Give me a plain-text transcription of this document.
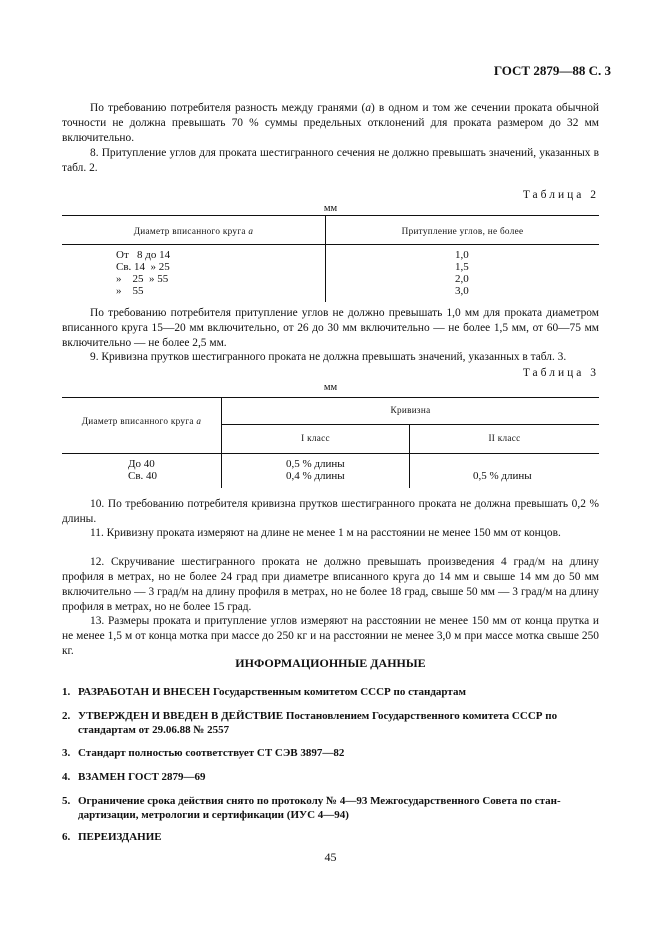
ГОСТ 2879—88 С. 3
По требованию потребителя разность между гранями (а) в одном и том же сечении проката обычной точности не должна превышать 70 % суммы предельных отклонений для проката размером до 32 мм включительно.
8. Притупление углов для проката шестигранного сечения не должно превышать значений, указанных в табл. 2.
Таблица 2
мм
Диаметр вписанного круга а	Притупление углов, не более
От   8 до 14	1,0
Св. 14  » 25	1,5
»    25  » 55	2,0
»    55	3,0
По требованию потребителя притупление углов не должно превышать 1,0 мм для проката диаметром вписанного круга 15—20 мм включительно, от 26 до 30 мм включительно — не более 1,5 мм, от 60—75 мм включительно — не более 2,5 мм.
9. Кривизна прутков шестигранного проката не должна превышать значений, указанных в табл. 3.
Таблица 3
мм
Диаметр вписанного круга а
Кривизна
I класс	II класс
До 40	0,5 % длины
Св. 40	0,4 % длины	0,5 % длины
10. По требованию потребителя кривизна прутков шестигранного проката не должна превышать 0,2 % длины.
11. Кривизну проката измеряют на длине не менее 1 м на расстоянии не менее 150 мм от концов.
12. Скручивание шестигранного проката не должно превышать произведения 4 град/м на длину профиля в метрах, но не более 24 град при диаметре вписанного круга до 14 мм и свыше 14 мм до 50 мм включительно — 3 град/м на длину профиля в метрах, но не более 18 град, свыше 50 мм — 3 град/м на длину профиля в метрах, но не более 15 град.
13. Размеры проката и притупление углов измеряют на расстоянии не менее 150 мм от конца прутка и не менее 1,5 м от конца мотка при массе до 250 кг и на расстоянии не менее 3,0 м при массе мотка свыше 250 кг.
ИНФОРМАЦИОННЫЕ ДАННЫЕ
1. РАЗРАБОТАН И ВНЕСЕН Государственным комитетом СССР по стандартам
2. УТВЕРЖДЕН И ВВЕДЕН В ДЕЙСТВИЕ Постановлением Государственного комитета СССР по
стандартам от 29.06.88 № 2557
3. Стандарт полностью соответствует СТ СЭВ 3897—82
4. ВЗАМЕН ГОСТ 2879—69
5. Ограничение срока действия снято по протоколу № 4—93 Межгосударственного Совета по стан-
дартизации, метрологии и сертификации (ИУС 4—94)
6. ПЕРЕИЗДАНИЕ
45
